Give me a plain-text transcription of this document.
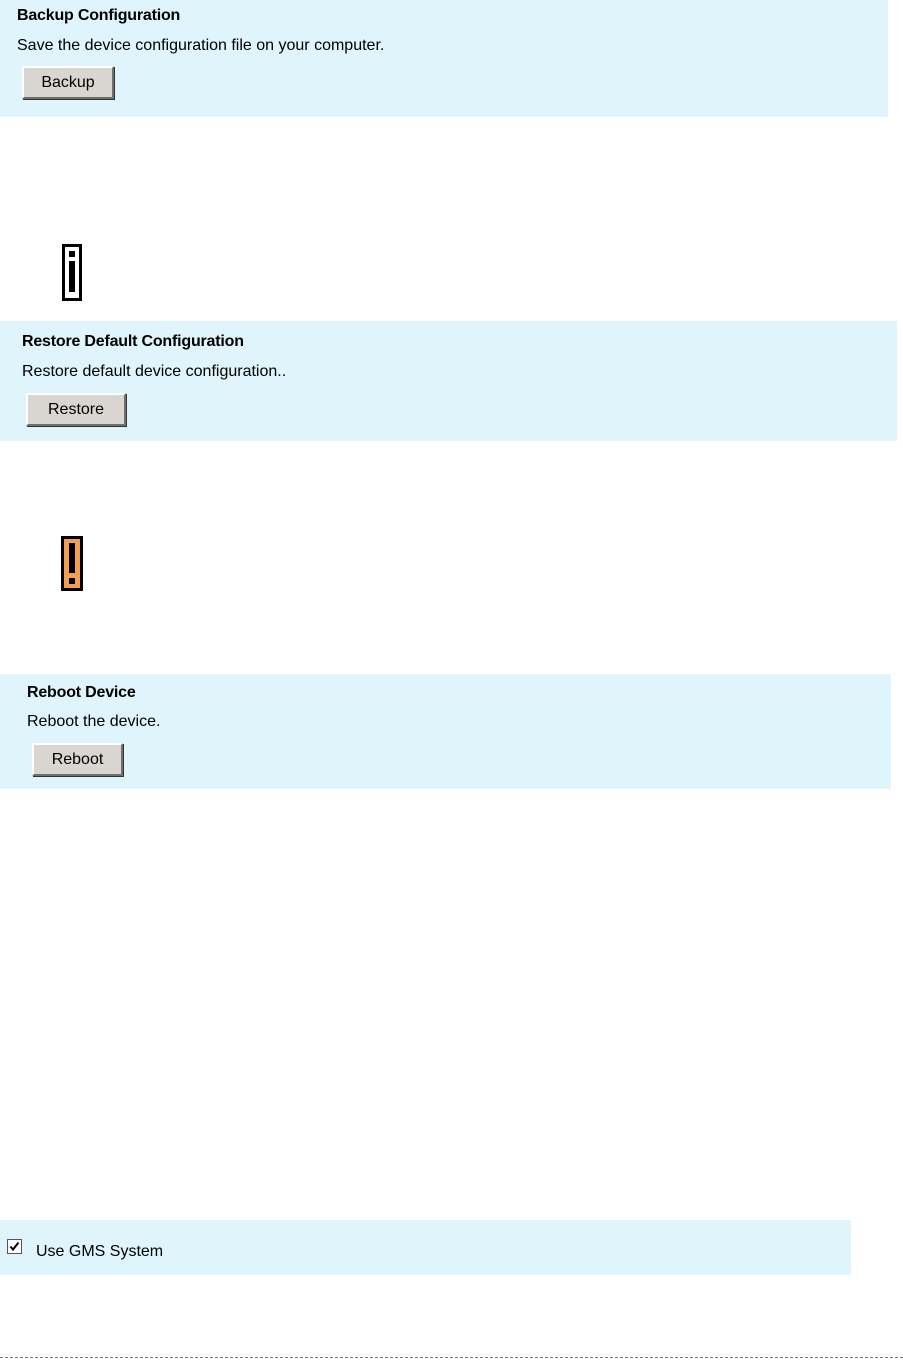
Backup Configuration
Save the device configuration file on your computer.
Backup
Restore Default Configuration
Restore default device configuration..
Restore
Reboot Device
Reboot the device.
Reboot
Use GMS System
